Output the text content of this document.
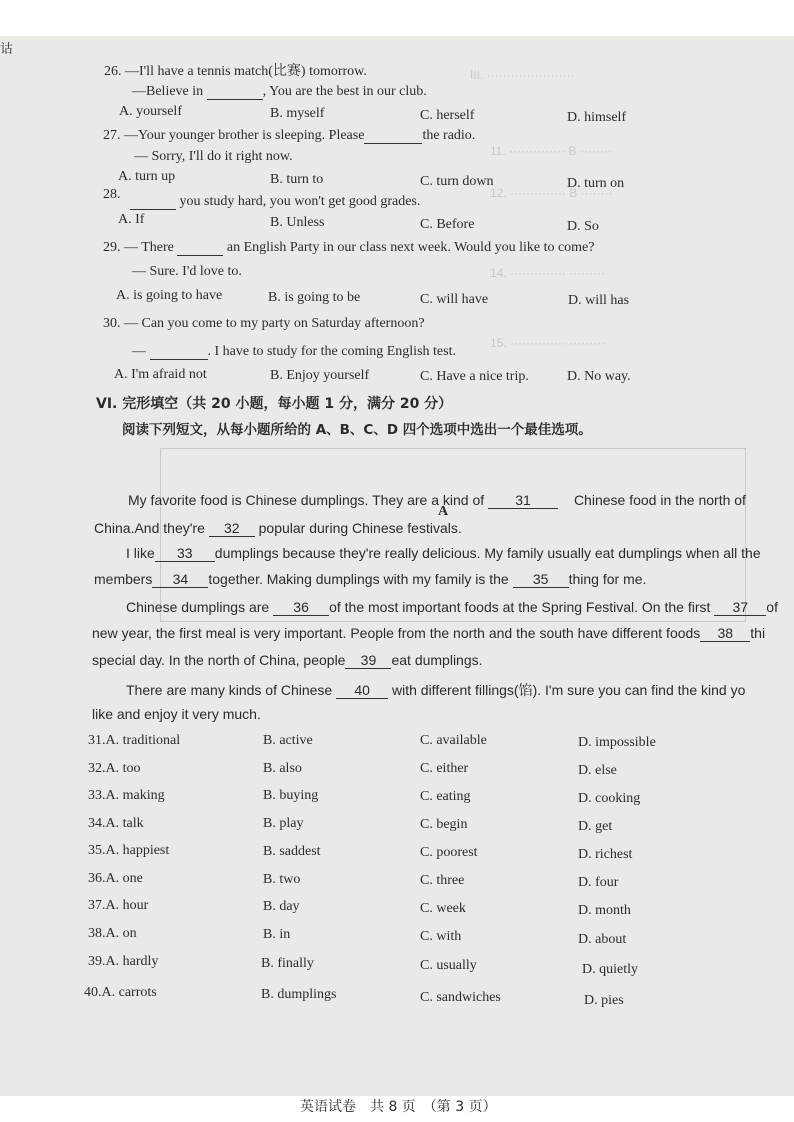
诂
III. ······················
11. ·············· B ········
12. ·············· B ········
14. ·············· ·········
15. ·············· ·········
26. —I'll have a tennis match(比赛) tomorrow.
—Believe in	, You are the best in our club.
A. yourself	B. myself	C. herself	D. himself
27. —Your younger brother is sleeping. Please	the radio.
— Sorry, I'll do it right now.
A. turn up	B. turn to	C. turn down	D. turn on
28.	you study hard, you won't get good grades.
A. If	B. Unless	C. Before	D. So
29. — There	an English Party in our class next week. Would you like to come?
— Sure. I'd love to.
A. is going to have	B. is going to be	C. will have	D. will has
30. — Can you come to my party on Saturday afternoon?
—	. I have to study for the coming English test.
A. I'm afraid not	B. Enjoy yourself	C. Have a nice trip.	D. No way.
VI. 完形填空（共 20 小题，每小题 1 分，满分 20 分）
阅读下列短文，从每小题所给的 A、B、C、D 四个选项中选出一个最佳选项。
A
My favorite food is Chinese dumplings. They are a kind of 31	Chinese food in the north of
China.And they're 32 popular during Chinese festivals.
I like 33 dumplings because they're really delicious. My family usually eat dumplings when all the
members 34 together. Making dumplings with my family is the 35 thing for me.
Chinese dumplings are 36 of the most important foods at the Spring Festival. On the first 37 of
new year, the first meal is very important. People from the north and the south have different foods 38 thi
special day. In the north of China, people 39 eat dumplings.
There are many kinds of Chinese 40 with different fillings(馅). I'm sure you can find the kind yo
like and enjoy it very much.
31.A. traditional	B. active	C. available	D. impossible
32.A. too	B. also	C. either	D. else
33.A. making	B. buying	C. eating	D. cooking
34.A. talk	B. play	C. begin	D. get
35.A. happiest	B. saddest	C. poorest	D. richest
36.A. one	B. two	C. three	D. four
37.A. hour	B. day	C. week	D. month
38.A. on	B. in	C. with	D. about
39.A. hardly	B. finally	C. usually	D. quietly
40.A. carrots	B. dumplings	C. sandwiches	D. pies
英语试卷　共 8 页　（第 3 页）
